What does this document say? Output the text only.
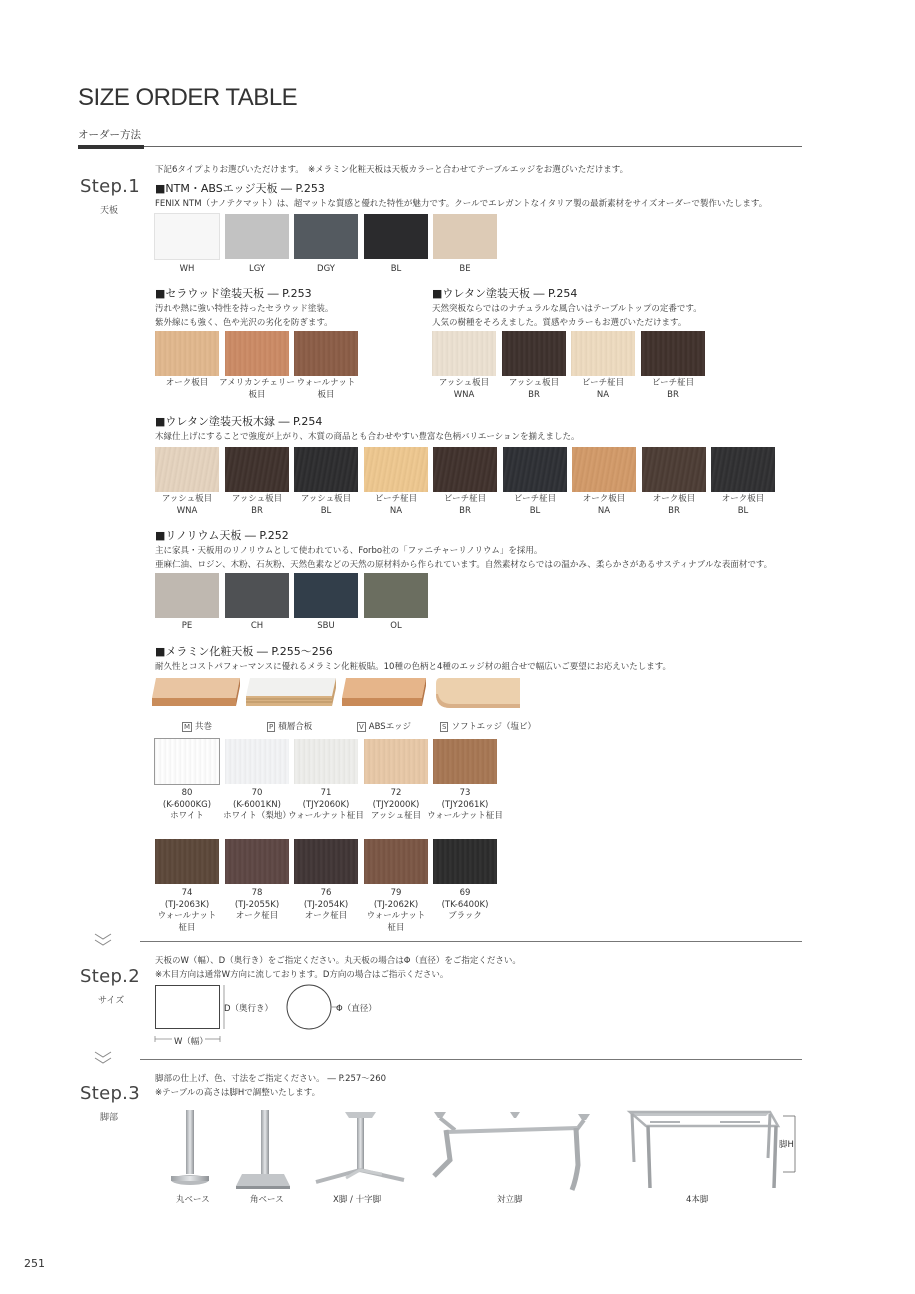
SIZE ORDER TABLE
オーダー方法
Step.1
天板
下記6タイプよりお選びいただけます。　※メラミン化粧天板は天板カラーと合わせてテーブルエッジをお選びいただけます。
■NTM・ABSエッジ天板 ― P.253
FENIX NTM（ナノテクマット）は、超マットな質感と優れた特性が魅力です。クールでエレガントなイタリア製の最新素材をサイズオーダーで製作いたします。
WH	LGY	DGY	BL	BE
■セラウッド塗装天板 ― P.253
汚れや熱に強い特性を持ったセラウッド塗装。
紫外線にも強く、色や光沢の劣化を防ぎます。
オーク板目	アメリカンチェリー
板目
ウォールナット
板目
■ウレタン塗装天板 ― P.254
天然突板ならではのナチュラルな風合いはテーブルトップの定番です。
人気の樹種をそろえました。質感やカラーもお選びいただけます。
アッシュ板目
WNA
アッシュ板目
BR
ビーチ柾目
NA
ビーチ柾目
BR
■ウレタン塗装天板木縁 ― P.254
木縁仕上げにすることで強度が上がり、木質の商品とも合わせやすい豊富な色柄バリエーションを揃えました。
アッシュ板目
WNA
アッシュ板目
BR
アッシュ板目
BL
ビーチ柾目
NA
ビーチ柾目
BR
ビーチ柾目
BL
オーク板目
NA
オーク板目
BR
オーク板目
BL
■リノリウム天板 ― P.252
主に家具・天板用のリノリウムとして使われている、Forbo社の「ファニチャーリノリウム」を採用。
亜麻仁油、ロジン、木粉、石灰粉、天然色素などの天然の原材料から作られています。自然素材ならではの温かみ、柔らかさがあるサスティナブルな表面材です。
PE	CH	SBU	OL
■メラミン化粧天板 ― P.255〜256
耐久性とコストパフォーマンスに優れるメラミン化粧板貼。10種の色柄と4種のエッジ材の組合せで幅広いご要望にお応えいたします。
M 共巻	P 積層合板	V ABSエッジ	S ソフトエッジ（塩ビ）
80
(K-6000KG)
ホワイト
70
(K-6001KN)
ホワイト（梨地）
71
(TJY2060K)
ウォールナット柾目
72
(TJY2000K)
アッシュ柾目
73
(TJY2061K)
ウォールナット柾目
74
(TJ-2063K)
ウォールナット
柾目
78
(TJ-2055K)
オーク柾目
76
(TJ-2054K)
オーク柾目
79
(TJ-2062K)
ウォールナット
柾目
69
(TK-6400K)
ブラック
Step.2
サイズ
天板のW（幅）、D（奥行き）をご指定ください。丸天板の場合はΦ（直径）をご指定ください。
※木目方向は通常W方向に流しております。D方向の場合はご指示ください。
D（奥行き）
W（幅）
Φ（直径）
Step.3
脚部
脚部の仕上げ、色、寸法をご指定ください。 ― P.257〜260
※テーブルの高さは脚Hで調整いたします。
脚H
丸ベース	角ベース	X脚 / 十字脚	対立脚	4本脚
251
